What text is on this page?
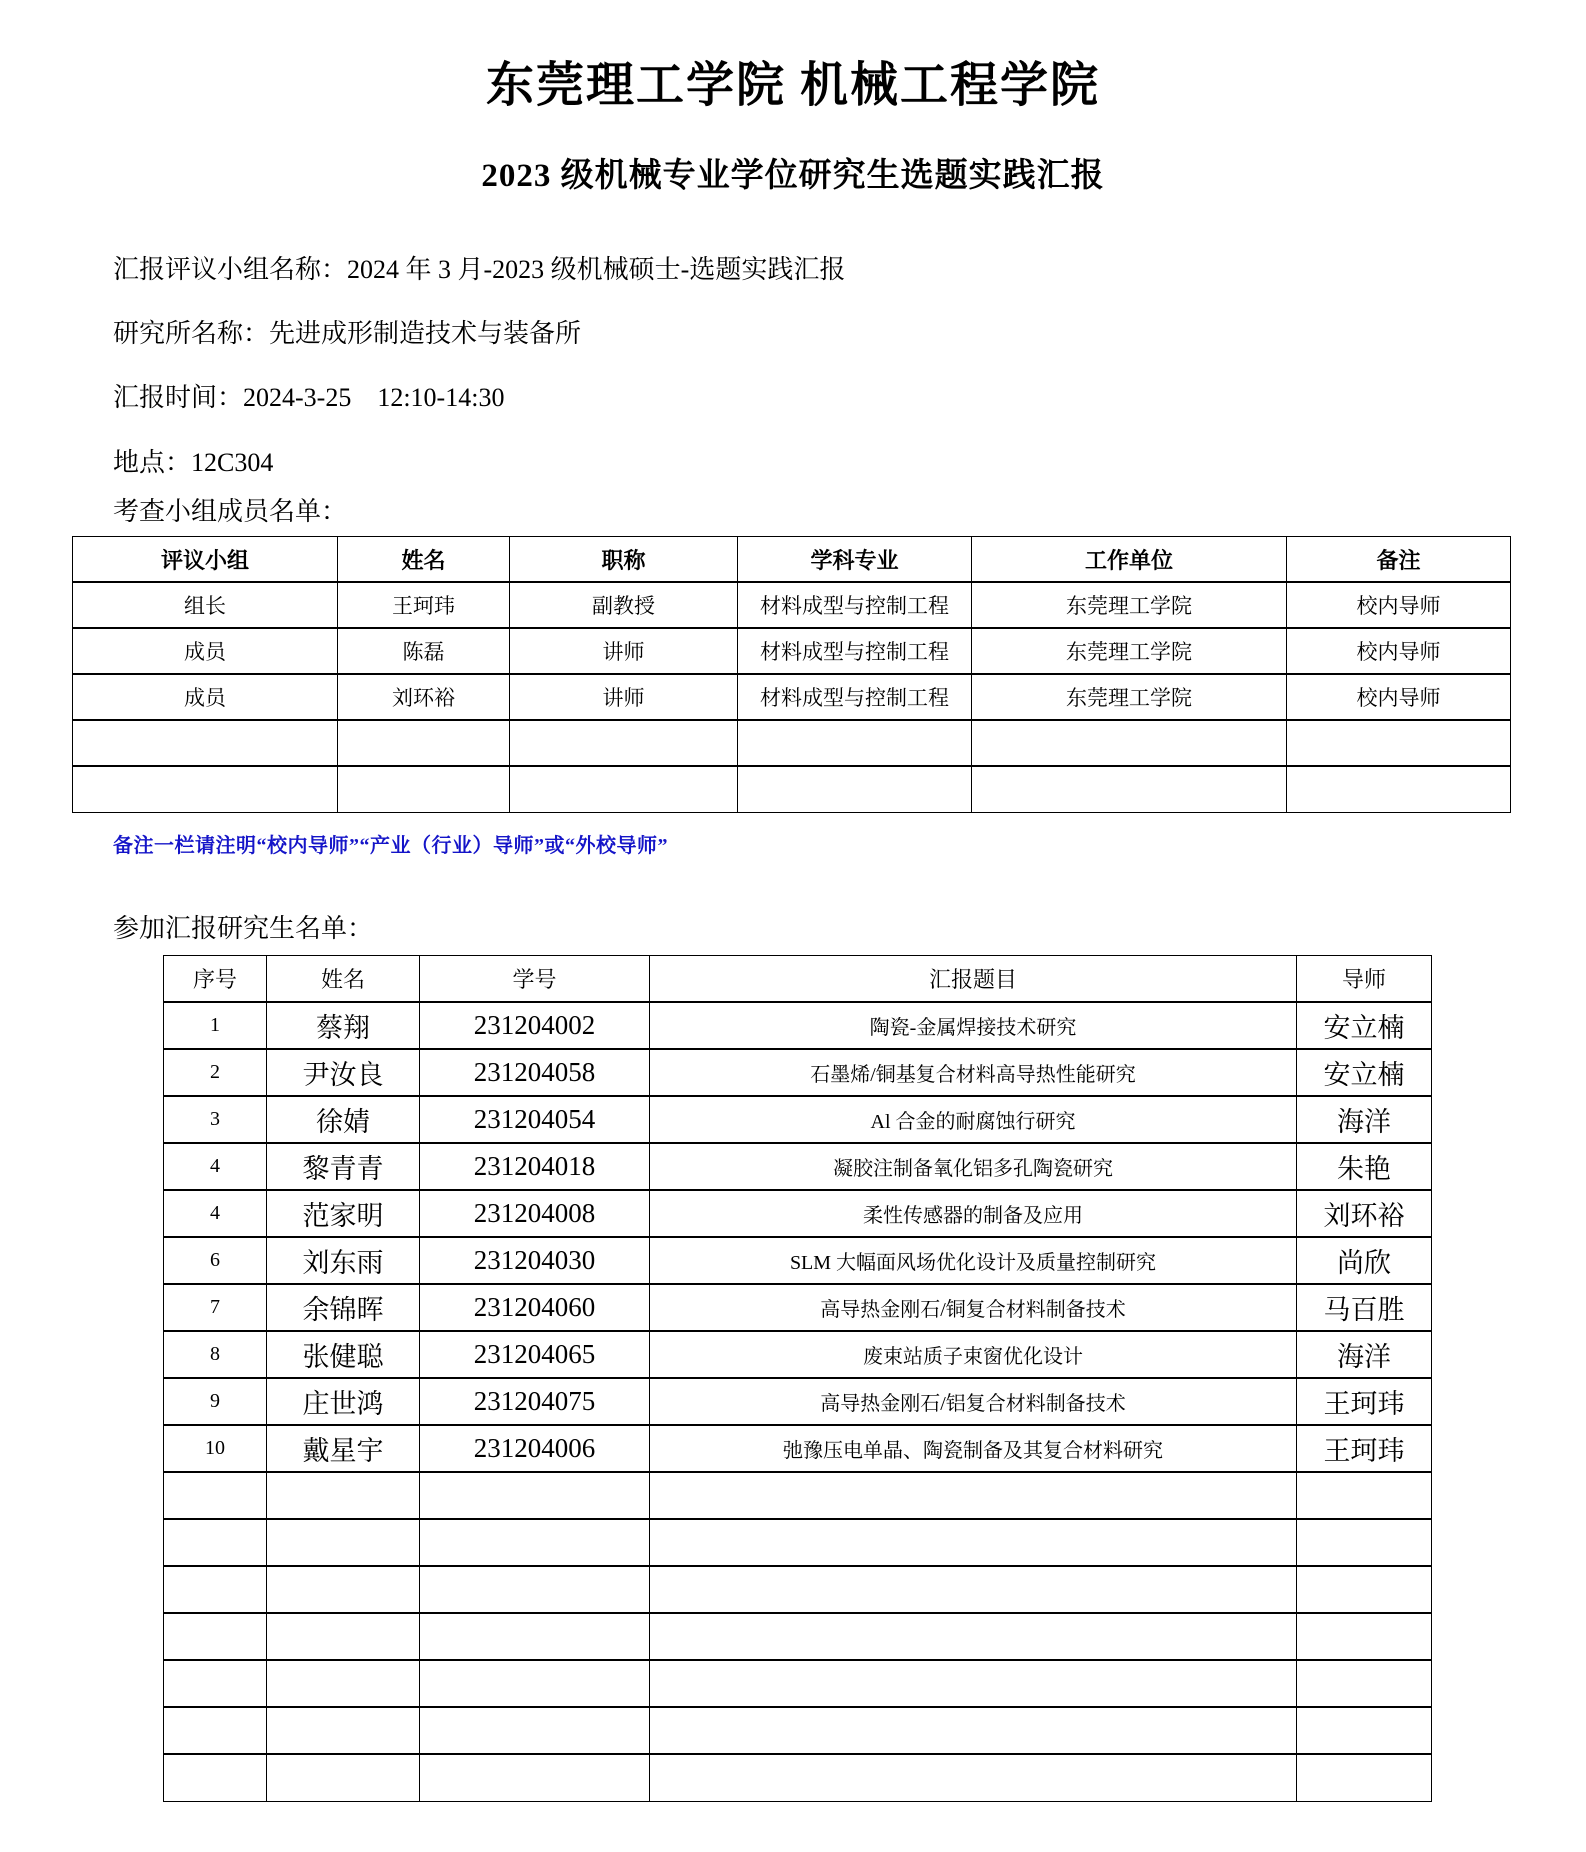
东莞理工学院 机械工程学院
2023 级机械专业学位研究生选题实践汇报

汇报评议小组名称：2024 年 3 月-2023 级机械硕士-选题实践汇报

研究所名称：先进成形制造技术与装备所

汇报时间：2024-3-25    12:10-14:30

地点：12C304

考查小组成员名单：

评议小组	姓名	职称	学科专业	工作单位	备注
组长	王珂玮	副教授	材料成型与控制工程	东莞理工学院	校内导师
成员	陈磊	讲师	材料成型与控制工程	东莞理工学院	校内导师
成员	刘环裕	讲师	材料成型与控制工程	东莞理工学院	校内导师

备注一栏请注明“校内导师”“产业（行业）导师”或“外校导师”

参加汇报研究生名单：

序号	姓名	学号	汇报题目	导师
1	蔡翔	231204002	陶瓷-金属焊接技术研究	安立楠
2	尹汝良	231204058	石墨烯/铜基复合材料高导热性能研究	安立楠
3	徐婧	231204054	Al 合金的耐腐蚀行研究	海洋
4	黎青青	231204018	凝胶注制备氧化铝多孔陶瓷研究	朱艳
4	范家明	231204008	柔性传感器的制备及应用	刘环裕
6	刘东雨	231204030	SLM 大幅面风场优化设计及质量控制研究	尚欣
7	余锦晖	231204060	高导热金刚石/铜复合材料制备技术	马百胜
8	张健聪	231204065	废束站质子束窗优化设计	海洋
9	庄世鸿	231204075	高导热金刚石/铝复合材料制备技术	王珂玮
10	戴星宇	231204006	弛豫压电单晶、陶瓷制备及其复合材料研究	王珂玮
